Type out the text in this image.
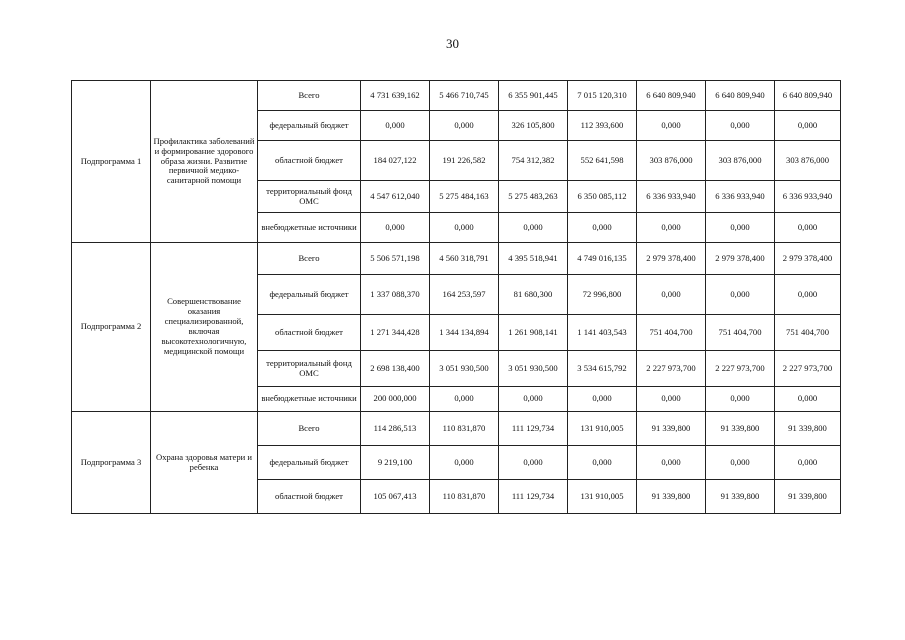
30
Подпрограмма 1	Профилактика заболеваний и формирование здорового образа жизни. Развитие первичной медико-санитарной помощи	Всего	4 731 639,162	5 466 710,745	6 355 901,445	7 015 120,310	6 640 809,940	6 640 809,940	6 640 809,940
		федеральный бюджет	0,000	0,000	326 105,800	112 393,600	0,000	0,000	0,000
		областной бюджет	184 027,122	191 226,582	754 312,382	552 641,598	303 876,000	303 876,000	303 876,000
		территориальный фонд ОМС	4 547 612,040	5 275 484,163	5 275 483,263	6 350 085,112	6 336 933,940	6 336 933,940	6 336 933,940
		внебюджетные источники	0,000	0,000	0,000	0,000	0,000	0,000	0,000
Подпрограмма 2	Совершенствование оказания специализированной, включая высокотехнологичную, медицинской помощи	Всего	5 506 571,198	4 560 318,791	4 395 518,941	4 749 016,135	2 979 378,400	2 979 378,400	2 979 378,400
		федеральный бюджет	1 337 088,370	164 253,597	81 680,300	72 996,800	0,000	0,000	0,000
		областной бюджет	1 271 344,428	1 344 134,894	1 261 908,141	1 141 403,543	751 404,700	751 404,700	751 404,700
		территориальный фонд ОМС	2 698 138,400	3 051 930,500	3 051 930,500	3 534 615,792	2 227 973,700	2 227 973,700	2 227 973,700
		внебюджетные источники	200 000,000	0,000	0,000	0,000	0,000	0,000	0,000
Подпрограмма 3	Охрана здоровья матери и ребенка	Всего	114 286,513	110 831,870	111 129,734	131 910,005	91 339,800	91 339,800	91 339,800
		федеральный бюджет	9 219,100	0,000	0,000	0,000	0,000	0,000	0,000
		областной бюджет	105 067,413	110 831,870	111 129,734	131 910,005	91 339,800	91 339,800	91 339,800
